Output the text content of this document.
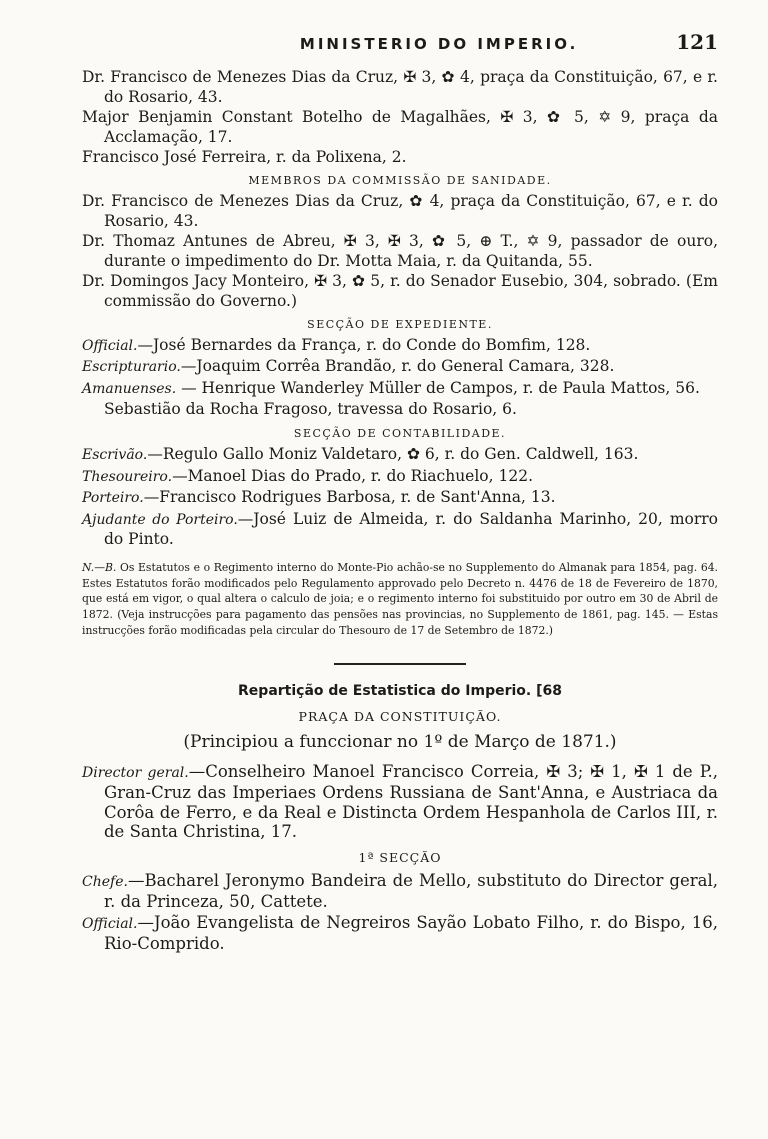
MINISTERIO DO IMPERIO.	121

Dr. Francisco de Menezes Dias da Cruz, ✠ 3, ✿ 4, praça da Constituição, 67, e r. do Rosario, 43.

Major Benjamin Constant Botelho de Magalhães, ✠ 3, ✿ 5, ✡ 9, praça da Acclamação, 17.

Francisco José Ferreira, r. da Polixena, 2.

MEMBROS DA COMMISSÃO DE SANIDADE.

Dr. Francisco de Menezes Dias da Cruz, ✿ 4, praça da Constituição, 67, e r. do Rosario, 43.

Dr. Thomaz Antunes de Abreu, ✠ 3, ✠ 3, ✿ 5, ⊕ T., ✡ 9, passador de ouro, durante o impedimento do Dr. Motta Maia, r. da Quitanda, 55.

Dr. Domingos Jacy Monteiro, ✠ 3, ✿ 5, r. do Senador Eusebio, 304, sobrado. (Em commissão do Governo.)

SECÇÃO DE EXPEDIENTE.

Official.—José Bernardes da França, r. do Conde do Bomfim, 128.

Escripturario.—Joaquim Corrêa Brandão, r. do General Camara, 328.

Amanuenses. — Henrique Wanderley Müller de Campos, r. de Paula Mattos, 56.

Sebastião da Rocha Fragoso, travessa do Rosario, 6.

SECÇÃO DE CONTABILIDADE.

Escrivão.—Regulo Gallo Moniz Valdetaro, ✿ 6, r. do Gen. Caldwell, 163.

Thesoureiro.—Manoel Dias do Prado, r. do Riachuelo, 122.

Porteiro.—Francisco Rodrigues Barbosa, r. de Sant'Anna, 13.

Ajudante do Porteiro.—José Luiz de Almeida, r. do Saldanha Marinho, 20, morro do Pinto.

N.—B. Os Estatutos e o Regimento interno do Monte-Pio achão-se no Supplemento do Almanak para 1854, pag. 64. Estes Estatutos forão modificados pelo Regulamento approvado pelo Decreto n. 4476 de 18 de Fevereiro de 1870, que está em vigor, o qual altera o calculo de joia; e o regimento interno foi substituido por outro em 30 de Abril de 1872. (Veja instrucções para pagamento das pensões nas provincias, no Supplemento de 1861, pag. 145. — Estas instrucções forão modificadas pela circular do Thesouro de 17 de Setembro de 1872.)

Repartição de Estatistica do Imperio. [68
PRAÇA DA CONSTITUIÇÃO.
(Principiou a funccionar no 1º de Março de 1871.)

Director geral.—Conselheiro Manoel Francisco Correia, ✠ 3; ✠ 1, ✠ 1 de P., Gran-Cruz das Imperiaes Ordens Russiana de Sant'Anna, e Austriaca da Corôa de Ferro, e da Real e Distincta Ordem Hespanhola de Carlos III, r. de Santa Christina, 17.

1ª SECÇÃO

Chefe.—Bacharel Jeronymo Bandeira de Mello, substituto do Director geral, r. da Princeza, 50, Cattete.

Official.—João Evangelista de Negreiros Sayão Lobato Filho, r. do Bispo, 16, Rio-Comprido.
